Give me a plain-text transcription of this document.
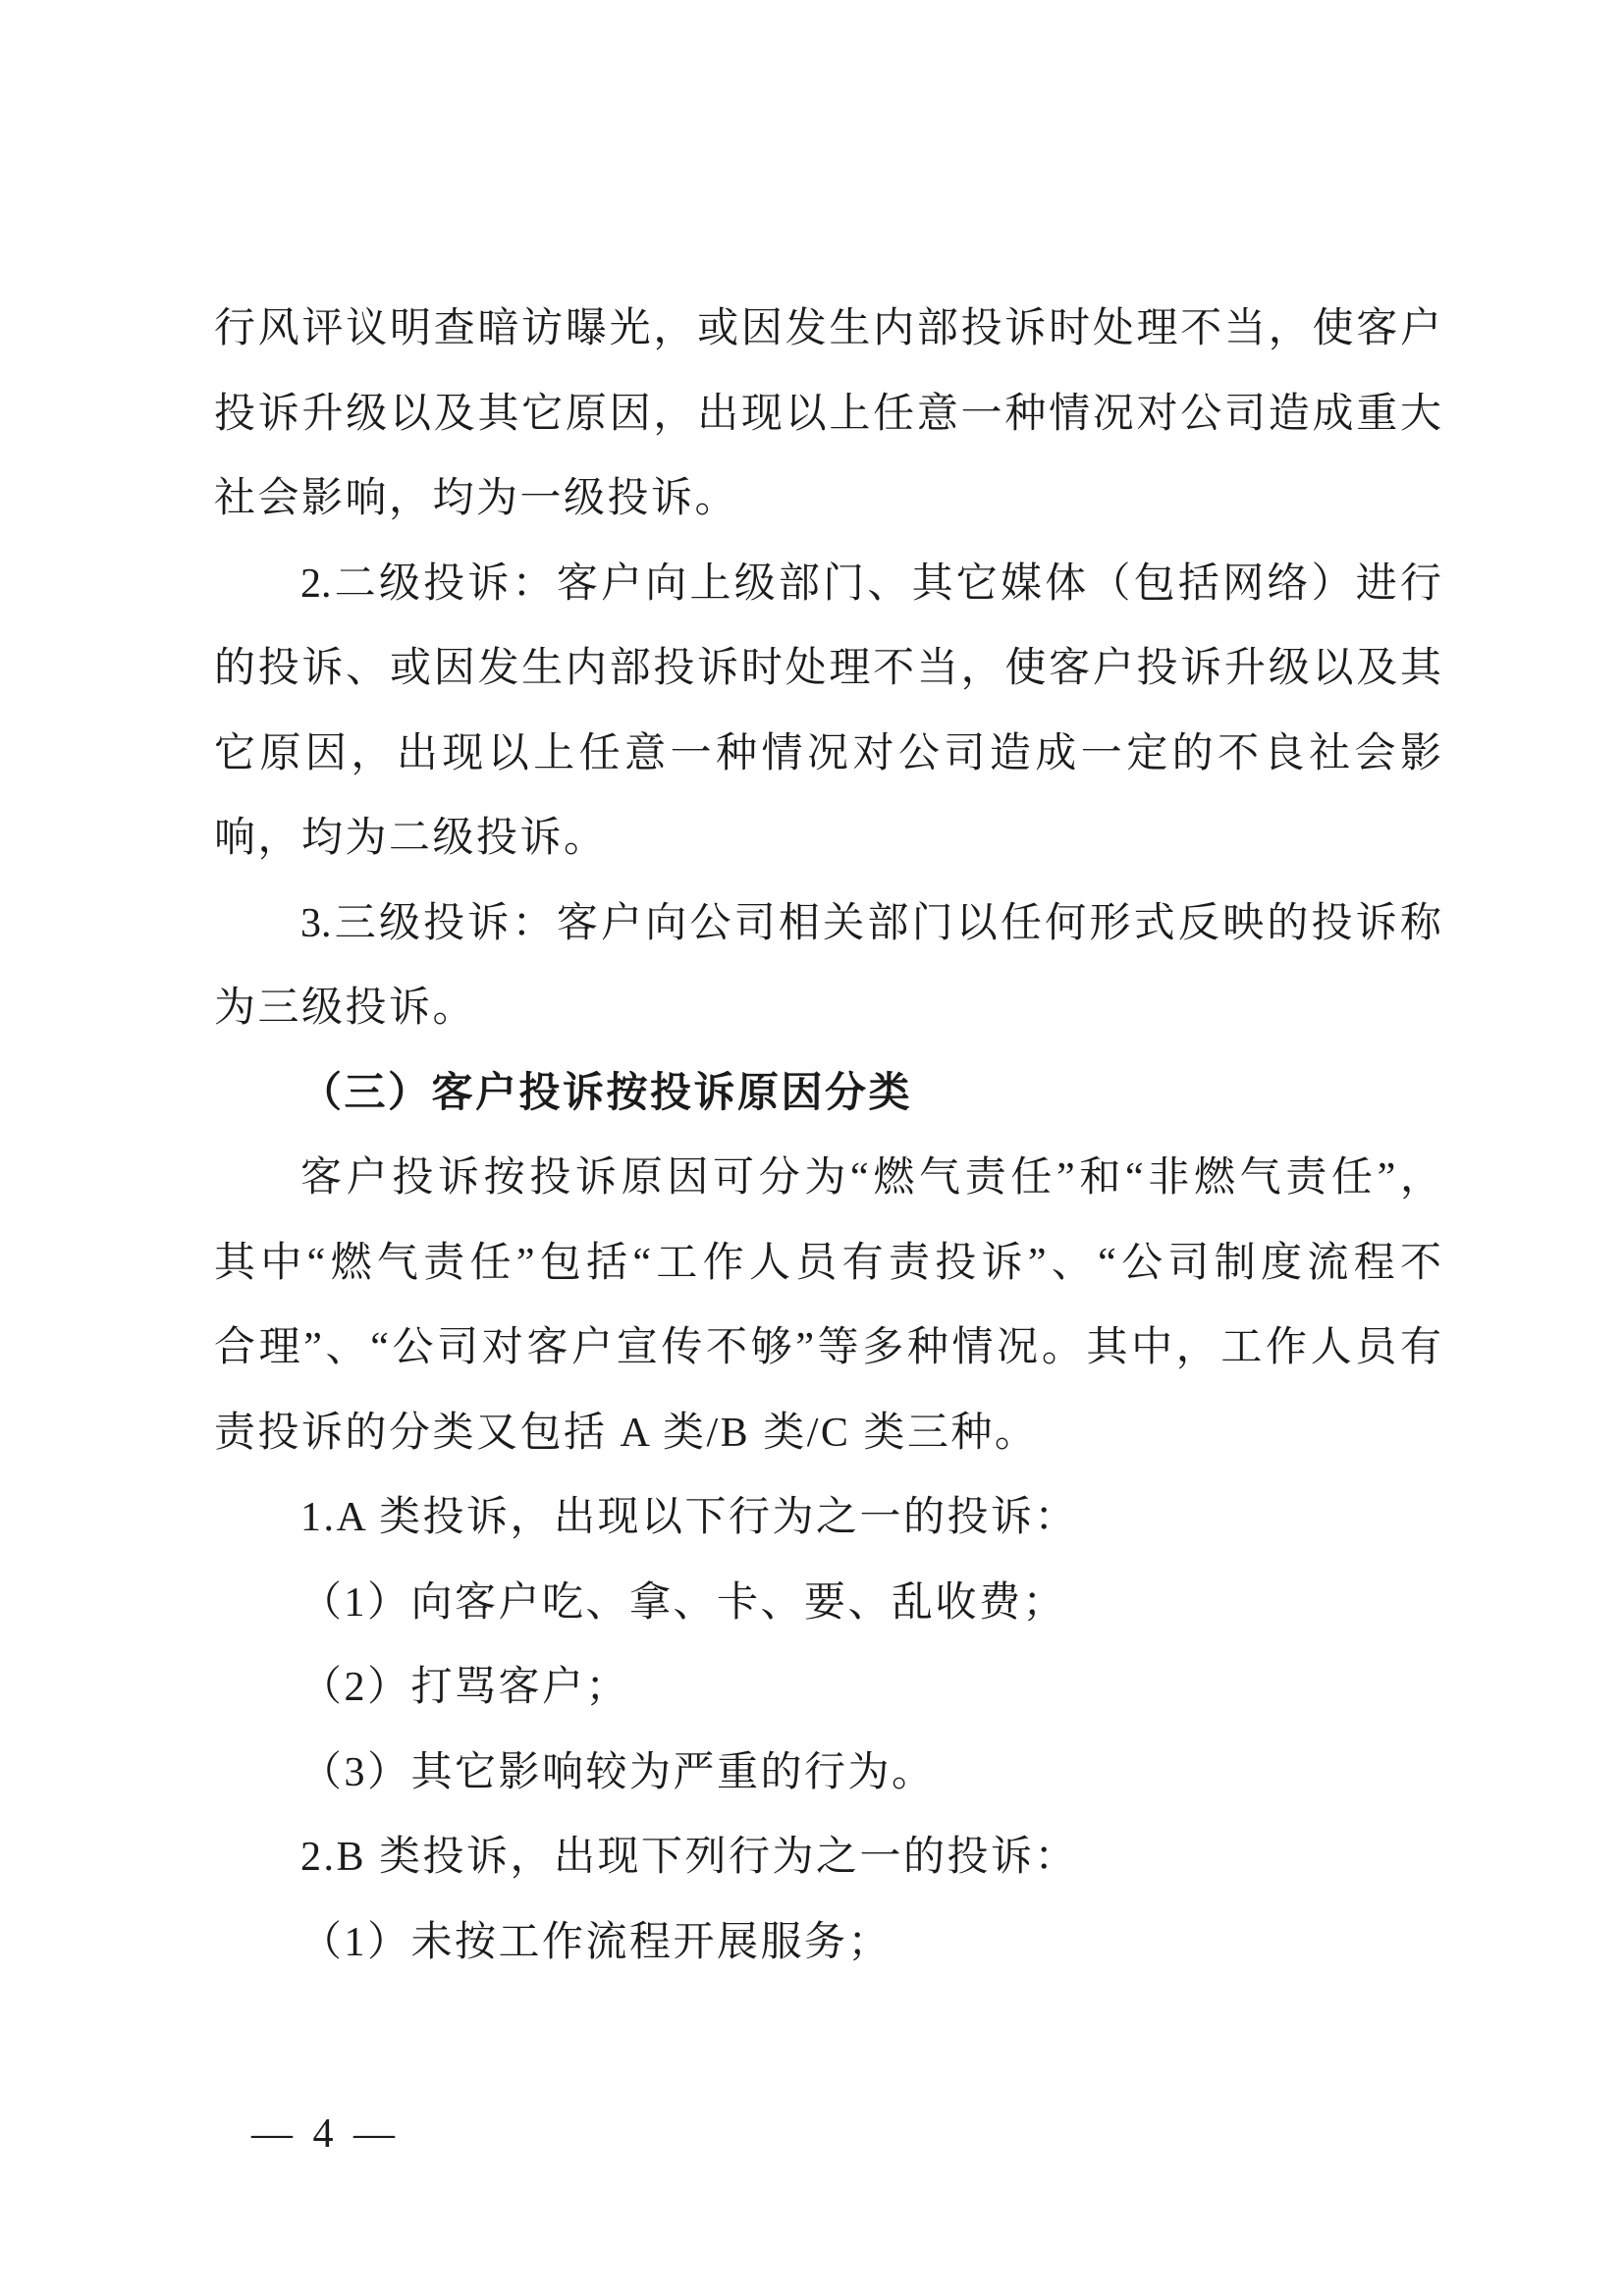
行风评议明查暗访曝光，或因发生内部投诉时处理不当，使客户
投诉升级以及其它原因，出现以上任意一种情况对公司造成重大
社会影响，均为一级投诉。
2.二级投诉：客户向上级部门、其它媒体（包括网络）进行
的投诉、或因发生内部投诉时处理不当，使客户投诉升级以及其
它原因，出现以上任意一种情况对公司造成一定的不良社会影
响，均为二级投诉。
3.三级投诉：客户向公司相关部门以任何形式反映的投诉称
为三级投诉。
（三）客户投诉按投诉原因分类
客户投诉按投诉原因可分为“燃气责任”和“非燃气责任”，
其中“燃气责任”包括“工作人员有责投诉”、“公司制度流程不
合理”、“公司对客户宣传不够”等多种情况。其中，工作人员有
责投诉的分类又包括 A 类/B 类/C 类三种。
1.A 类投诉，出现以下行为之一的投诉：
（1）向客户吃、拿、卡、要、乱收费；
（2）打骂客户；
（3）其它影响较为严重的行为。
2.B 类投诉，出现下列行为之一的投诉：
（1）未按工作流程开展服务；
— 4 —
